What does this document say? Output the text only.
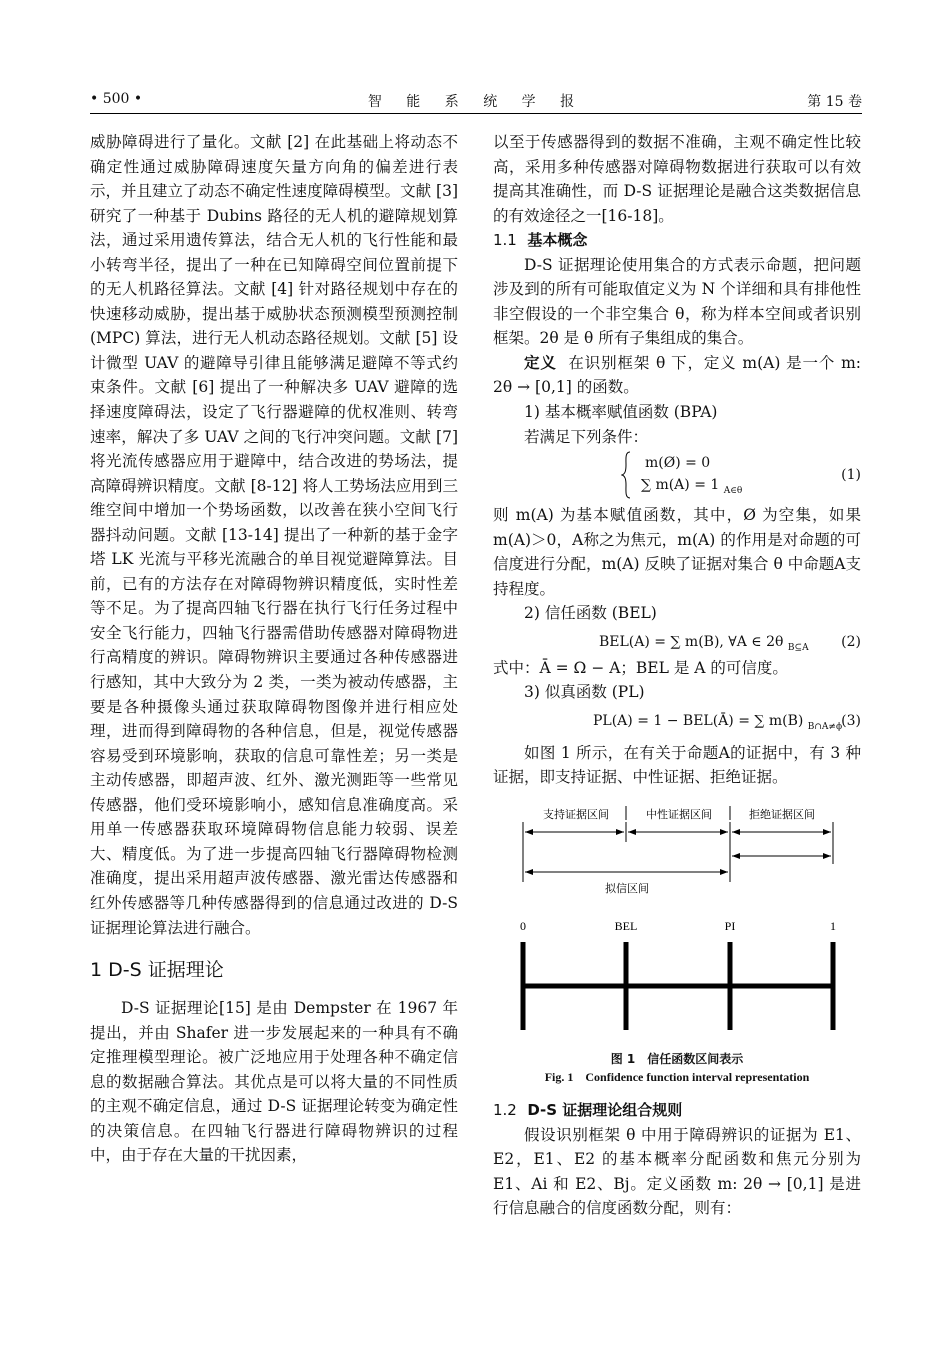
• 500 •	智 能 系 统 学 报	第 15 卷

威胁障碍进行了量化。文献 [2] 在此基础上将动态不确定性通过威胁障碍速度矢量方向角的偏差进行表示，并且建立了动态不确定性速度障碍模型。文献 [3] 研究了一种基于 Dubins 路径的无人机的避障规划算法，通过采用遗传算法，结合无人机的飞行性能和最小转弯半径，提出了一种在已知障碍空间位置前提下的无人机路径算法。文献 [4] 针对路径规划中存在的快速移动威胁，提出基于威胁状态预测模型预测控制 (MPC) 算法，进行无人机动态路径规划。文献 [5] 设计微型 UAV 的避障导引律且能够满足避障不等式约束条件。文献 [6] 提出了一种解决多 UAV 避障的选择速度障碍法，设定了飞行器避障的优权准则、转弯速率，解决了多 UAV 之间的飞行冲突问题。文献 [7] 将光流传感器应用于避障中，结合改进的势场法，提高障碍辨识精度。文献 [8-12] 将人工势场法应用到三维空间中增加一个势场函数，以改善在狭小空间飞行器抖动问题。文献 [13-14] 提出了一种新的基于金字塔 LK 光流与平移光流融合的单目视觉避障算法。目前，已有的方法存在对障碍物辨识精度低，实时性差等不足。为了提高四轴飞行器在执行飞行任务过程中安全飞行能力，四轴飞行器需借助传感器对障碍物进行高精度的辨识。障碍物辨识主要通过各种传感器进行感知，其中大致分为 2 类，一类为被动传感器，主要是各种摄像头通过获取障碍物图像并进行相应处理，进而得到障碍物的各种信息，但是，视觉传感器容易受到环境影响，获取的信息可靠性差；另一类是主动传感器，即超声波、红外、激光测距等一些常见传感器，他们受环境影响小，感知信息准确度高。采用单一传感器获取环境障碍物信息能力较弱、误差大、精度低。为了进一步提高四轴飞行器障碍物检测准确度，提出采用超声波传感器、激光雷达传感器和红外传感器等几种传感器得到的信息通过改进的 D-S 证据理论算法进行融合。

1 D-S 证据理论

D-S 证据理论[15] 是由 Dempster 在 1967 年提出，并由 Shafer 进一步发展起来的一种具有不确定推理模型理论。被广泛地应用于处理各种不确定信息的数据融合算法。其优点是可以将大量的不同性质的主观不确定信息，通过 D-S 证据理论转变为确定性的决策信息。在四轴飞行器进行障碍物辨识的过程中，由于存在大量的干扰因素，

以至于传感器得到的数据不准确，主观不确定性比较高，采用多种传感器对障碍物数据进行获取可以有效提高其准确性，而 D-S 证据理论是融合这类数据信息的有效途径之一[16-18]。

1.1 基本概念

D-S 证据理论使用集合的方式表示命题，把问题涉及到的所有可能取值定义为 N 个详细和具有排他性非空假设的一个非空集合 θ，称为样本空间或者识别框架。2θ 是 θ 所有子集组成的集合。

定义 在识别框架 θ 下，定义 m(A) 是一个 m: 2θ → [0,1] 的函数。

1) 基本概率赋值函数 (BPA)

若满足下列条件：

m(Ø) = 0
∑ m(A) = 1 $_{A\in\theta}$
(1)

则 m(A) 为基本赋值函数，其中，Ø 为空集，如果 m(A)＞0，A称之为焦元，m(A) 的作用是对命题的可信度进行分配，m(A) 反映了证据对集合 θ 中命题A支持程度。

2) 信任函数 (BEL)

BEL(A) = ∑ m(B), ∀A ∈ 2θ $_{B⊆A}$ (2)

式中：Ā = Ω − A；BEL 是 A 的可信度。

3) 似真函数 (PL)

PL(A) = 1 − BEL(Ā) = ∑ m(B) $_{B\cap A\ne\phi}$ (3)

如图 1 所示，在有关于命题A的证据中，有 3 种证据，即支持证据、中性证据、拒绝证据。

支持证据区间	中性证据区间	拒绝证据区间
拟信区间
0	BEL	PI	1
图 1　信任函数区间表示
Fig. 1　Confidence function interval representation
1.2 D-S 证据理论组合规则

假设识别框架 θ 中用于障碍辨识的证据为 E1、E2，E1、E2 的基本概率分配函数和焦元分别为 E1、Ai 和 E2、Bj。定义函数 m: 2θ → [0,1] 是进行信息融合的信度函数分配，则有：
